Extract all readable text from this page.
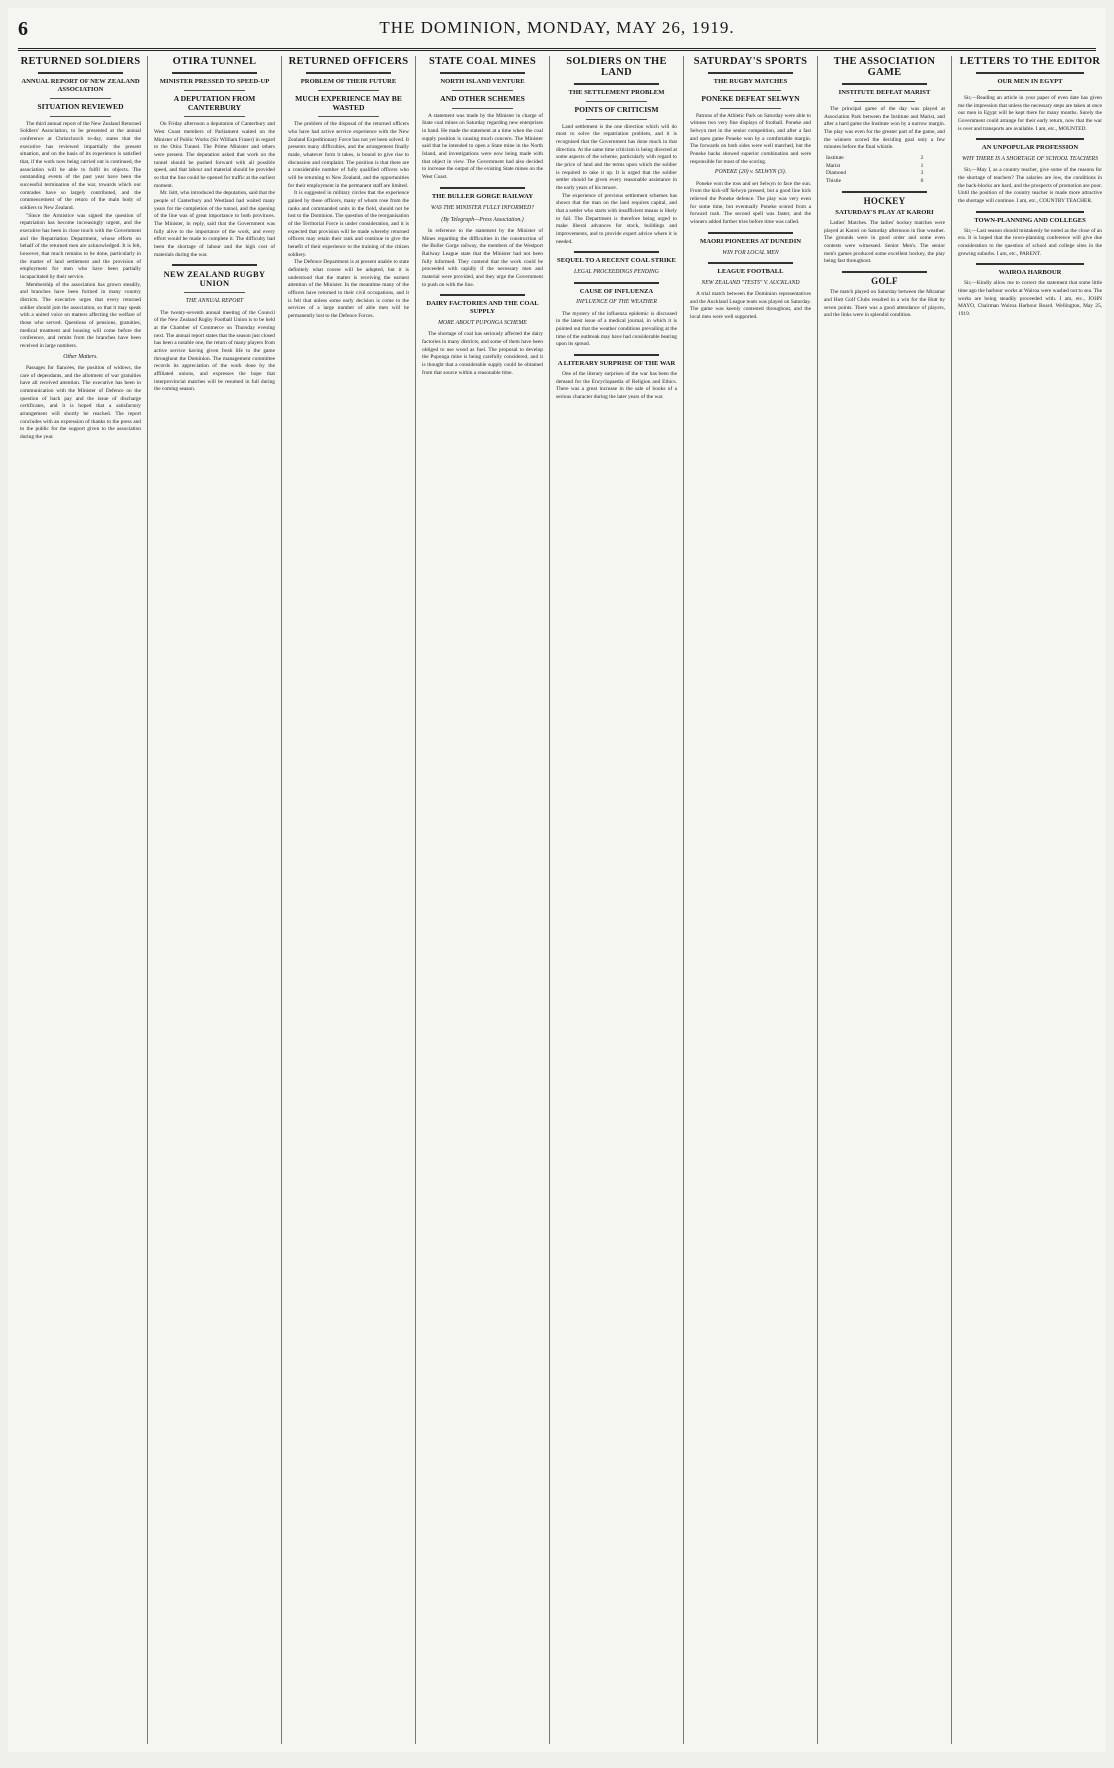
6	THE DOMINION, MONDAY, MAY 26, 1919.
RETURNED SOLDIERS
ANNUAL REPORT OF NEW ZEALAND ASSOCIATION
SITUATION REVIEWED

The third annual report of the New Zealand Returned Soldiers' Association, to be presented at the annual conference at Christchurch to-day, states that the executive has reviewed impartially the present situation, and on the basis of its experience is satisfied that, if the work now being carried out is continued, the association will be able to fulfil its objects. The outstanding events of the past year have been the successful termination of the war, towards which our comrades have so largely contributed, and the commencement of the return of the main body of soldiers to New Zealand.

"Since the Armistice was signed the question of repatriation has become increasingly urgent, and the executive has been in close touch with the Government and the Repatriation Department, whose efforts on behalf of the returned men are acknowledged. It is felt, however, that much remains to be done, particularly in the matter of land settlement and the provision of employment for men who have been partially incapacitated by their service.

Membership of the association has grown steadily, and branches have been formed in many country districts. The executive urges that every returned soldier should join the association, so that it may speak with a united voice on matters affecting the welfare of those who served. Questions of pensions, gratuities, medical treatment and housing will come before the conference, and remits from the branches have been received in large numbers.

Other Matters.

Passages for fiancées, the position of widows, the care of dependants, and the allotment of war gratuities have all received attention. The executive has been in communication with the Minister of Defence on the question of back pay and the issue of discharge certificates, and it is hoped that a satisfactory arrangement will shortly be reached. The report concludes with an expression of thanks to the press and to the public for the support given to the association during the year.

OTIRA TUNNEL
MINISTER PRESSED TO SPEED-UP
A DEPUTATION FROM CANTERBURY

On Friday afternoon a deputation of Canterbury and West Coast members of Parliament waited on the Minister of Public Works (Sir William Fraser) in regard to the Otira Tunnel. The Prime Minister and others were present. The deputation asked that work on the tunnel should be pushed forward with all possible speed, and that labour and material should be provided so that the line could be opened for traffic at the earliest moment.

Mr. Isitt, who introduced the deputation, said that the people of Canterbury and Westland had waited many years for the completion of the tunnel, and the opening of the line was of great importance to both provinces. The Minister, in reply, said that the Government was fully alive to the importance of the work, and every effort would be made to complete it. The difficulty had been the shortage of labour and the high cost of materials during the war.

NEW ZEALAND RUGBY UNION
THE ANNUAL REPORT

The twenty-seventh annual meeting of the Council of the New Zealand Rugby Football Union is to be held at the Chamber of Commerce on Thursday evening next. The annual report states that the season just closed has been a notable one, the return of many players from active service having given fresh life to the game throughout the Dominion. The management committee records its appreciation of the work done by the affiliated unions, and expresses the hope that interprovincial matches will be resumed in full during the coming season.

RETURNED OFFICERS
PROBLEM OF THEIR FUTURE
MUCH EXPERIENCE MAY BE WASTED

The problem of the disposal of the returned officers who have had active service experience with the New Zealand Expeditionary Force has not yet been solved. It presents many difficulties, and the arrangement finally made, whatever form it takes, is bound to give rise to discussion and complaint. The position is that there are a considerable number of fully qualified officers who will be returning to New Zealand, and the opportunities for their employment in the permanent staff are limited.

It is suggested in military circles that the experience gained by these officers, many of whom rose from the ranks and commanded units in the field, should not be lost to the Dominion. The question of the reorganisation of the Territorial Force is under consideration, and it is expected that provision will be made whereby returned officers may retain their rank and continue to give the benefit of their experience to the training of the citizen soldiery.

The Defence Department is at present unable to state definitely what course will be adopted, but it is understood that the matter is receiving the earnest attention of the Minister. In the meantime many of the officers have returned to their civil occupations, and it is felt that unless some early decision is come to the services of a large number of able men will be permanently lost to the Defence Forces.

STATE COAL MINES
NORTH ISLAND VENTURE
AND OTHER SCHEMES

A statement was made by the Minister in charge of State coal mines on Saturday regarding new enterprises in hand. He made the statement at a time when the coal supply position is causing much concern. The Minister said that he intended to open a State mine in the North Island, and investigations were now being made with that object in view. The Government had also decided to increase the output of the existing State mines on the West Coast.

THE BULLER GORGE RAILWAY
WAS THE MINISTER FULLY INFORMED?
(By Telegraph—Press Association.)

In reference to the statement by the Minister of Mines regarding the difficulties in the construction of the Buller Gorge railway, the members of the Westport Railway League state that the Minister had not been fully informed. They contend that the work could be proceeded with rapidly if the necessary men and material were provided, and they urge the Government to push on with the line.

DAIRY FACTORIES AND THE COAL SUPPLY
MORE ABOUT PUPONGA SCHEME

The shortage of coal has seriously affected the dairy factories in many districts, and some of them have been obliged to use wood as fuel. The proposal to develop the Puponga mine is being carefully considered, and it is thought that a considerable supply could be obtained from that source within a reasonable time.

SOLDIERS ON THE LAND
THE SETTLEMENT PROBLEM
POINTS OF CRITICISM

Land settlement is the one direction which will do most to solve the repatriation problem, and it is recognised that the Government has done much in that direction. At the same time criticism is being directed at some aspects of the scheme, particularly with regard to the price of land and the terms upon which the soldier is required to take it up. It is urged that the soldier settler should be given every reasonable assistance in the early years of his tenure.

The experience of previous settlement schemes has shown that the man on the land requires capital, and that a settler who starts with insufficient means is likely to fail. The Department is therefore being urged to make liberal advances for stock, buildings and improvements, and to provide expert advice where it is needed.

SEQUEL TO A RECENT COAL STRIKE
LEGAL PROCEEDINGS PENDING
CAUSE OF INFLUENZA
INFLUENCE OF THE WEATHER

The mystery of the influenza epidemic is discussed in the latest issue of a medical journal, in which it is pointed out that the weather conditions prevailing at the time of the outbreak may have had considerable bearing upon its spread.

A LITERARY SURPRISE OF THE WAR

One of the literary surprises of the war has been the demand for the Encyclopaedia of Religion and Ethics. There was a great increase in the sale of books of a serious character during the later years of the war.

SATURDAY'S SPORTS
THE RUGBY MATCHES
PONEKE DEFEAT SELWYN

Patrons of the Athletic Park on Saturday were able to witness two very fine displays of football. Poneke and Selwyn met in the senior competition, and after a fast and open game Poneke won by a comfortable margin. The forwards on both sides were well matched, but the Poneke backs showed superior combination and were responsible for most of the scoring.

PONEKE (20) v. SELWYN (3).

Poneke won the toss and set Selwyn to face the sun. From the kick-off Selwyn pressed, but a good line kick relieved the Poneke defence. The play was very even for some time, but eventually Poneke scored from a forward rush. The second spell was faster, and the winners added further tries before time was called.

MAORI PIONEERS AT DUNEDIN
WIN FOR LOCAL MEN
LEAGUE FOOTBALL
NEW ZEALAND "TESTS" V. AUCKLAND

A trial match between the Dominion representatives and the Auckland League team was played on Saturday. The game was keenly contested throughout, and the local men were well supported.

THE ASSOCIATION GAME
INSTITUTE DEFEAT MARIST

The principal game of the day was played at Association Park between the Institute and Marist, and after a hard game the Institute won by a narrow margin. The play was even for the greater part of the game, and the winners scored the deciding goal only a few minutes before the final whistle.

Institute	2
Marist	1
Diamond	3
Thistle	0
HOCKEY
SATURDAY'S PLAY AT KARORI

Ladies' Matches. The ladies' hockey matches were played at Karori on Saturday afternoon in fine weather. The grounds were in good order and some even contests were witnessed. Senior Men's. The senior men's games produced some excellent hockey, the play being fast throughout.

GOLF

The match played on Saturday between the Miramar and Hutt Golf Clubs resulted in a win for the Hutt by seven points. There was a good attendance of players, and the links were in splendid condition.

LETTERS TO THE EDITOR
OUR MEN IN EGYPT

Sir,—Reading an article in your paper of even date has given me the impression that unless the necessary steps are taken at once our men in Egypt will be kept there for many months. Surely the Government could arrange for their early return, now that the war is over and transports are available. I am, etc., MOUNTED.

AN UNPOPULAR PROFESSION
WHY THERE IS A SHORTAGE OF SCHOOL TEACHERS

Sir,—May I, as a country teacher, give some of the reasons for the shortage of teachers? The salaries are low, the conditions in the back-blocks are hard, and the prospects of promotion are poor. Until the position of the country teacher is made more attractive the shortage will continue. I am, etc., COUNTRY TEACHER.

TOWN-PLANNING AND COLLEGES

Sir,—Last season should mistakenly be noted as the close of an era. It is hoped that the town-planning conference will give due consideration to the question of school and college sites in the growing suburbs. I am, etc., PARENT.

WAIROA HARBOUR

Sir,—Kindly allow me to correct the statement that some little time ago the harbour works at Wairoa were washed out to sea. The works are being steadily proceeded with. I am, etc., JOHN MAYO, Chairman Wairoa Harbour Board. Wellington, May 25, 1919.
